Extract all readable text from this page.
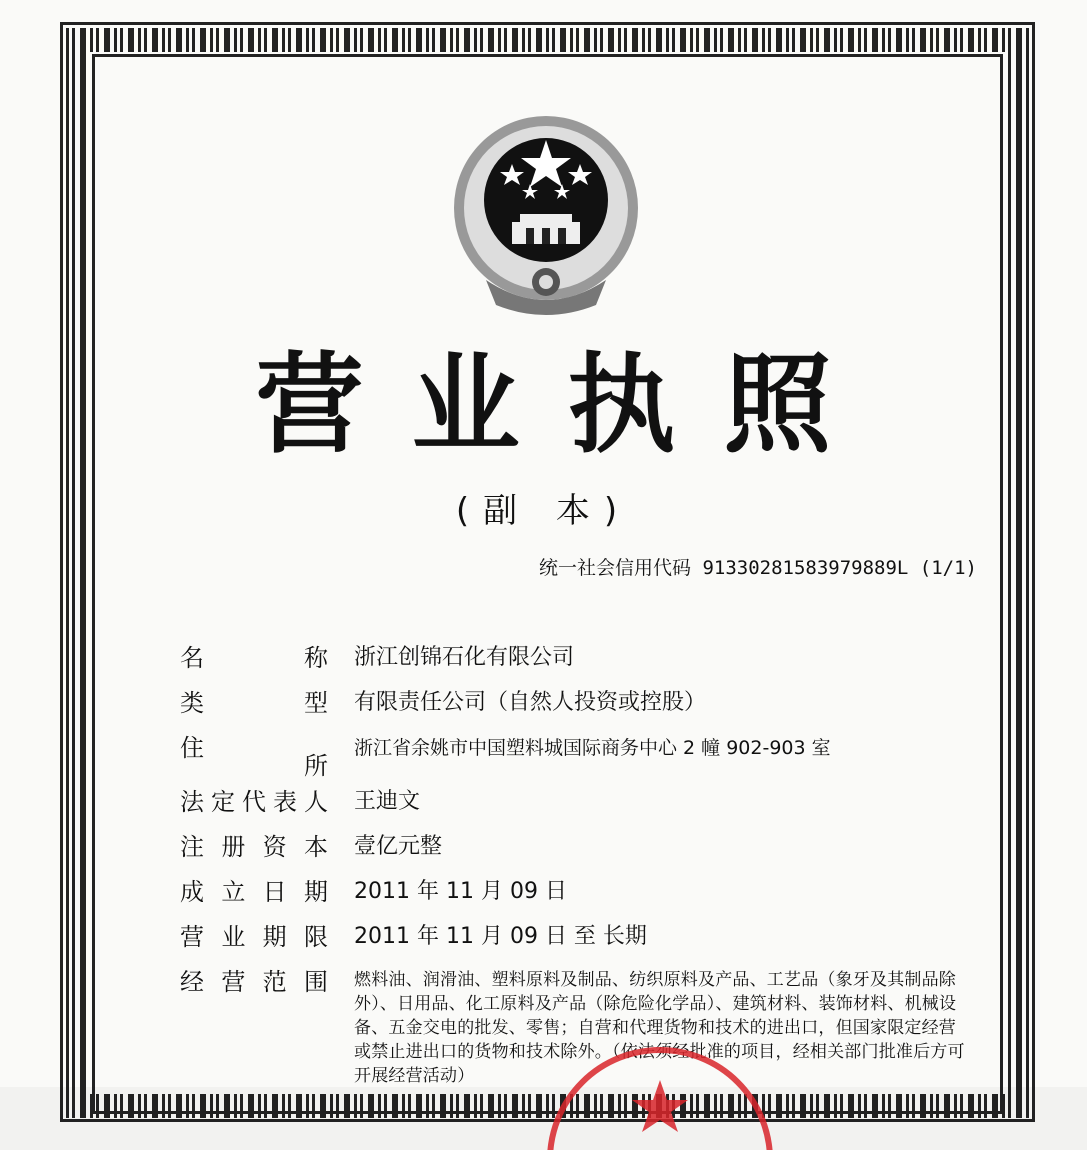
营业执照
(副 本)
统一社会信用代码 91330281583979889L (1/1)
名	称 浙江创锦石化有限公司
类	型 有限责任公司（自然人投资或控股）
住
所
浙江省余姚市中国塑料城国际商务中心 2 幢 902-903 室
法 定 代 表 人 王迪文
注 册 资 本 壹亿元整
成 立 日 期 2011 年 11 月 09 日
营 业 期 限 2011 年 11 月 09 日 至 长期
经 营 范 围 燃料油、润滑油、塑料原料及制品、纺织原料及产品、工艺品（象牙及其制品除外）、日用品、化工原料及产品（除危险化学品）、建筑材料、装饰材料、机械设备、五金交电的批发、零售；自营和代理货物和技术的进出口，但国家限定经营或禁止进出口的货物和技术除外。（依法须经批准的项目，经相关部门批准后方可开展经营活动）
